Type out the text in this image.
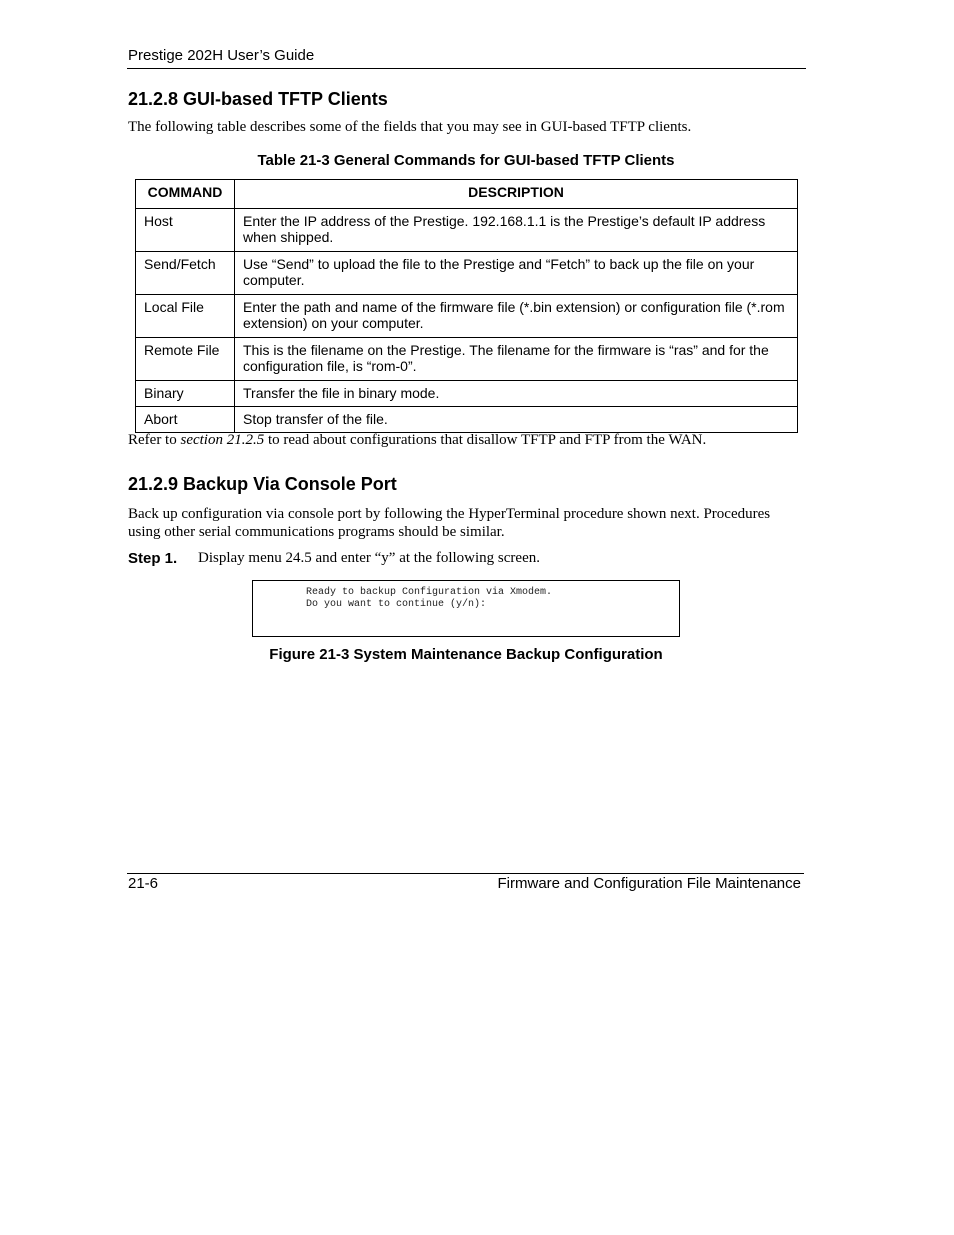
Prestige 202H User’s Guide
21.2.8 GUI-based TFTP Clients
The following table describes some of the fields that you may see in GUI-based TFTP clients.
Table 21-3 General Commands for GUI-based TFTP Clients
COMMAND	DESCRIPTION
Host	Enter the IP address of the Prestige. 192.168.1.1 is the Prestige’s default IP address when shipped.
Send/Fetch	Use “Send” to upload the file to the Prestige and “Fetch” to back up the file on your computer.
Local File	Enter the path and name of the firmware file (*.bin extension) or configuration file (*.rom extension) on your computer.
Remote File	This is the filename on the Prestige. The filename for the firmware is “ras” and for the configuration file, is “rom-0”.
Binary	Transfer the file in binary mode.
Abort	Stop transfer of the file.
Refer to section 21.2.5 to read about configurations that disallow TFTP and FTP from the WAN.
21.2.9 Backup Via Console Port
Back up configuration via console port by following the HyperTerminal procedure shown next. Procedures using other serial communications programs should be similar.
Step 1. Display menu 24.5 and enter “y” at the following screen.
Ready to backup Configuration via Xmodem.
Do you want to continue (y/n):
Figure 21-3 System Maintenance Backup Configuration
21-6	Firmware and Configuration File Maintenance
